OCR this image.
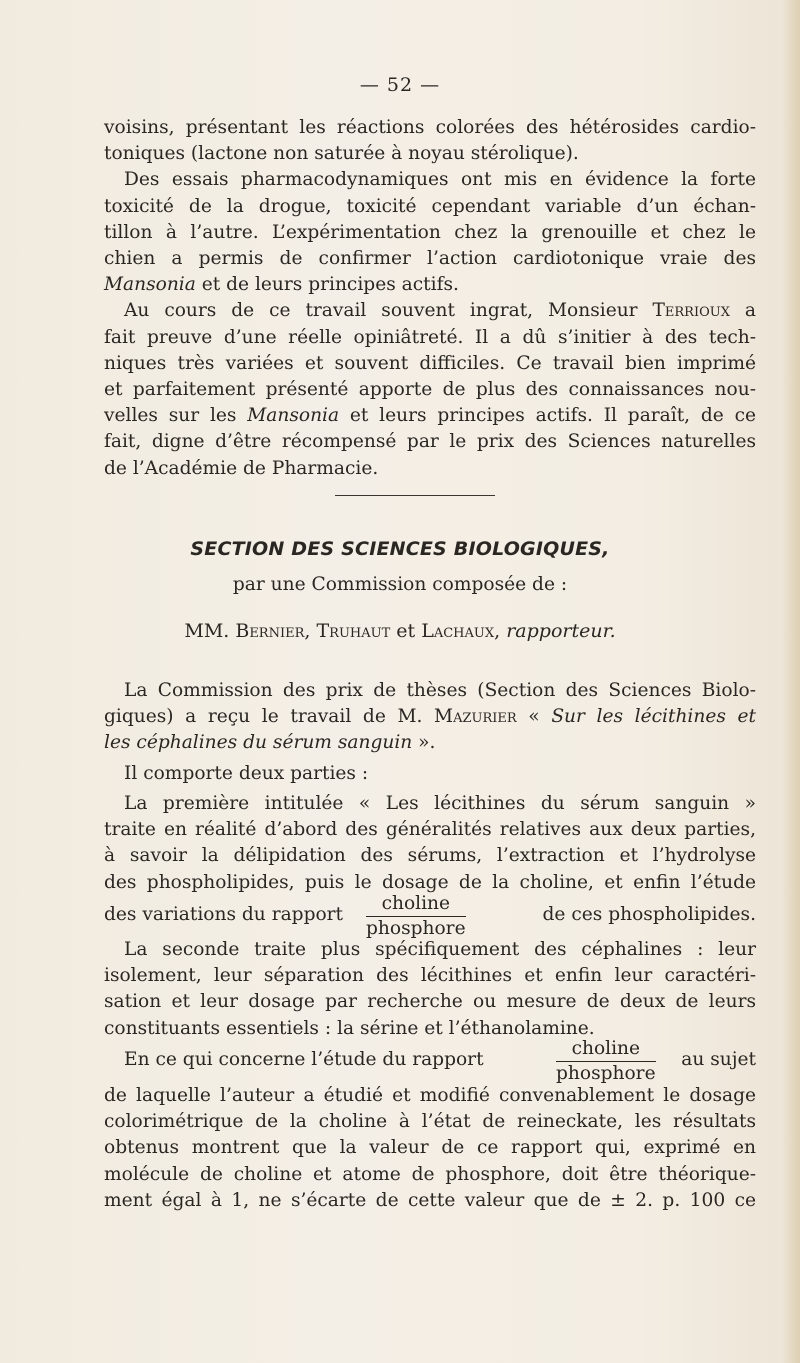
— 52 —

voisins, présentant les réactions colorées des hétérosides cardio-

toniques (lactone non saturée à noyau stérolique).

Des essais pharmacodynamiques ont mis en évidence la forte

toxicité de la drogue, toxicité cependant variable d’un échan-

tillon à l’autre. L’expérimentation chez la grenouille et chez le

chien a permis de confirmer l’action cardiotonique vraie des

Mansonia et de leurs principes actifs.

Au cours de ce travail souvent ingrat, Monsieur Terrioux a

fait preuve d’une réelle opiniâtreté. Il a dû s’initier à des tech-

niques très variées et souvent difficiles. Ce travail bien imprimé

et parfaitement présenté apporte de plus des connaissances nou-

velles sur les Mansonia et leurs principes actifs. Il paraît, de ce

fait, digne d’être récompensé par le prix des Sciences naturelles

de l’Académie de Pharmacie.

SECTION DES SCIENCES BIOLOGIQUES,
par une Commission composée de :
MM. Bernier, Truhaut et Lachaux, rapporteur.

La Commission des prix de thèses (Section des Sciences Biolo-

giques) a reçu le travail de M. Mazurier « Sur les lécithines et

les céphalines du sérum sanguin ».

Il comporte deux parties :

La première intitulée « Les lécithines du sérum sanguin »

traite en réalité d’abord des généralités relatives aux deux parties,

à savoir la délipidation des sérums, l’extraction et l’hydrolyse

des phospholipides, puis le dosage de la choline, et enfin l’étude

des variations du rapport
choline
phosphore
de ces phospholipides.

La seconde traite plus spécifiquement des céphalines : leur

isolement, leur séparation des lécithines et enfin leur caractéri-

sation et leur dosage par recherche ou mesure de deux de leurs

constituants essentiels : la sérine et l’éthanolamine.

En ce qui concerne l’étude du rapport
choline
phosphore
au sujet

de laquelle l’auteur a étudié et modifié convenablement le dosage

colorimétrique de la choline à l’état de reineckate, les résultats

obtenus montrent que la valeur de ce rapport qui, exprimé en

molécule de choline et atome de phosphore, doit être théorique-

ment égal à 1, ne s’écarte de cette valeur que de ± 2. p. 100 ce
